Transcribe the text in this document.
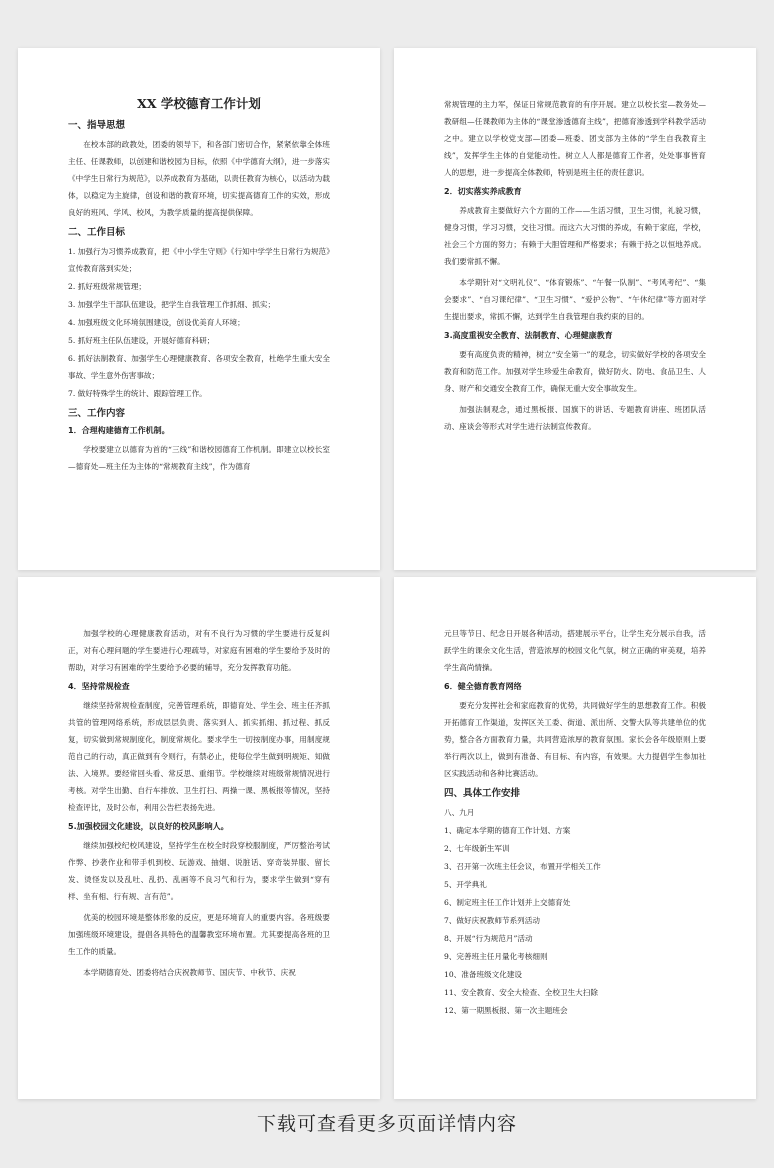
XX 学校德育工作计划
一、指导思想

在校本部的政教处，团委的领导下，和各部门密切合作，紧紧依靠全体班主任、任课教师，以创建和谐校园为目标，依照《中学德育大纲》，进一步落实《中学生日常行为规范》，以养成教育为基础，以责任教育为核心，以活动为载体，以稳定为主旋律，创设和谐的教育环境，切实提高德育工作的实效，形成良好的班风、学风、校风，为教学质量的提高提供保障。

二、工作目标
1. 加强行为习惯养成教育，把《中小学生守则》《行知中学学生日常行为规范》宣传教育落到实处；
2. 抓好班级常规管理；
3. 加强学生干部队伍建设，把学生自我管理工作抓细、抓实；
4. 加强班级文化环境氛围建设，创设优美育人环境；
5. 抓好班主任队伍建设，开展好德育科研；
6. 抓好法制教育、加强学生心理健康教育、各项安全教育，杜绝学生重大安全事故、学生意外伤害事故；
7. 做好特殊学生的统计、跟踪管理工作。
三、工作内容
1．合理构建德育工作机制。

学校要建立以德育为首的“三线”和谐校园德育工作机制。即建立以校长室—德育处—班主任为主体的“常规教育主线”，作为德育

常规管理的主力军，保证日常规范教育的有序开展。建立以校长室—教务处—教研组—任课教师为主体的“课堂渗透德育主线”，把德育渗透到学科教学活动之中。建立以学校党支部—团委—班委、团支部为主体的“学生自我教育主线”，发挥学生主体的自觉能动性。树立人人都是德育工作者，处处事事皆育人的思想，进一步提高全体教师，特别是班主任的责任意识。

2．切实落实养成教育

养成教育主要做好六个方面的工作——生活习惯，卫生习惯，礼貌习惯，健身习惯，学习习惯，交往习惯。而这六大习惯的养成，有赖于家庭，学校，社会三个方面的努力；有赖于大胆管理和严格要求；有赖于持之以恒地养成。我们要常抓不懈。

本学期针对“文明礼仪”、“体育锻炼”、“午餐一队制”、“考风考纪”、“集会要求”、“自习课纪律”、“卫生习惯”、“爱护公物”、“午休纪律”等方面对学生提出要求，常抓不懈，达到学生自我管理自我约束的目的。

3.高度重视安全教育、法制教育、心理健康教育

要有高度负责的精神，树立“安全第一”的观念，切实做好学校的各项安全教育和防范工作。加强对学生珍爱生命教育，做好防火、防电、食品卫生、人身、财产和交通安全教育工作，确保无重大安全事故发生。

加强法制观念，通过黑板报、国旗下的讲话、专题教育讲座、班团队活动、座谈会等形式对学生进行法制宣传教育。

加强学校的心理健康教育活动，对有不良行为习惯的学生要进行反复纠正，对有心理问题的学生要进行心理疏导，对家庭有困难的学生要给予及时的帮助，对学习有困难的学生要给予必要的辅导，充分发挥教育功能。

4．坚持常规检查

继续坚持常规检查制度，完善管理系统，即德育处、学生会、班主任齐抓共管的管理网络系统，形成层层负责、落实到人、抓实抓细、抓过程、抓反复，切实做到常规制度化，制度常规化。要求学生一切按制度办事，用制度规范自己的行动，真正做到有令则行，有禁必止，使每位学生做到明规矩、知做法、入境界。要经常回头看、常反思、重细节。学校继续对班级常规情况进行考核。对学生出勤、自行车排放、卫生打扫、两操一课、黑板报等情况，坚持检查评比，及时公布，利用公告栏表扬先进。

5.加强校园文化建设，以良好的校风影响人。

继续加强校纪校风建设，坚持学生在校全时段穿校服制度，严厉整治考试作弊、抄袭作业和带手机到校、玩游戏、抽烟、说脏话、穿奇装异服、留长发、烫怪发以及乱吐、乱扔、乱画等不良习气和行为，要求学生做到“穿有样、坐有相、行有规、言有范”。

优美的校园环境是整体形象的反应，更是环境育人的重要内容。各班级要加强班级环境建设，提倡各具特色的温馨教室环境布置。尤其要提高各班的卫生工作的质量。

本学期德育处、团委将结合庆祝教师节、国庆节、中秋节、庆祝

元旦等节日、纪念日开展各种活动，搭建展示平台，让学生充分展示自我，活跃学生的课余文化生活，营造浓厚的校园文化气氛，树立正确的审美观，培养学生高尚情操。

6．健全德育教育网络

要充分发挥社会和家庭教育的优势，共同做好学生的思想教育工作。积极开拓德育工作渠道，发挥区关工委、街道、派出所、交警大队等共建单位的优势，整合各方面教育力量，共同营造浓厚的教育氛围。家长会各年级原则上要举行两次以上，做到有准备、有目标、有内容，有效果。大力提倡学生参加社区实践活动和各种比赛活动。

四、具体工作安排
八、九月
1、确定本学期的德育工作计划、方案
2、七年级新生军训
3、召开第一次班主任会议，布置开学相关工作
5、开学典礼
6、制定班主任工作计划并上交德育处
7、做好庆祝教师节系列活动
8、开展“行为规范月”活动
9、完善班主任月量化考核细则
10、准备班级文化建设
11、安全教育、安全大检查、全校卫生大扫除
12、第一期黑板报、第一次主题班会
下载可查看更多页面详情内容
